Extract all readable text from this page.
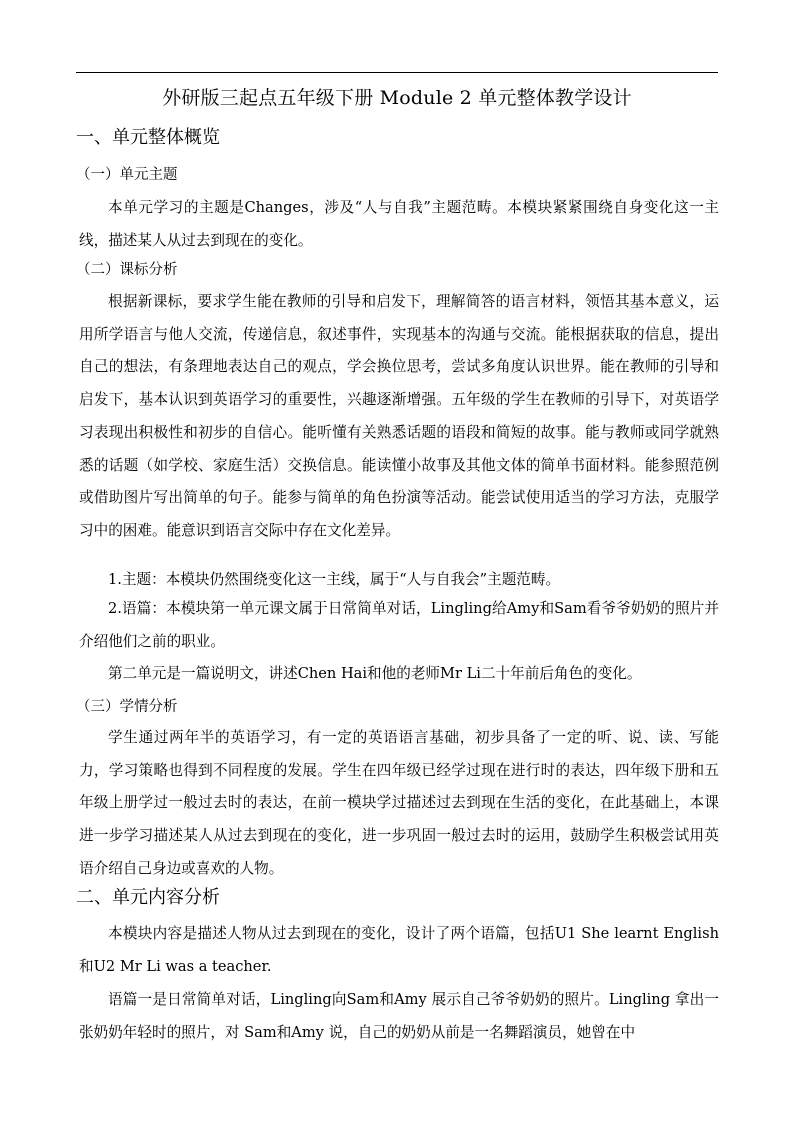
外研版三起点五年级下册 Module 2 单元整体教学设计
一、单元整体概览
（一）单元主题

本单元学习的主题是Changes，涉及“人与自我”主题范畴。本模块紧紧围绕自身变化这一主线，描述某人从过去到现在的变化。

（二）课标分析

根据新课标，要求学生能在教师的引导和启发下，理解简答的语言材料，领悟其基本意义，运用所学语言与他人交流，传递信息，叙述事件，实现基本的沟通与交流。能根据获取的信息，提出自己的想法，有条理地表达自己的观点，学会换位思考，尝试多角度认识世界。能在教师的引导和启发下，基本认识到英语学习的重要性，兴趣逐渐增强。五年级的学生在教师的引导下，对英语学习表现出积极性和初步的自信心。能听懂有关熟悉话题的语段和简短的故事。能与教师或同学就熟悉的话题（如学校、家庭生活）交换信息。能读懂小故事及其他文体的简单书面材料。能参照范例或借助图片写出简单的句子。能参与简单的角色扮演等活动。能尝试使用适当的学习方法，克服学习中的困难。能意识到语言交际中存在文化差异。

1.主题：本模块仍然围绕变化这一主线，属于“人与自我会”主题范畴。

2.语篇：本模块第一单元课文属于日常简单对话，Lingling给Amy和Sam看爷爷奶奶的照片并介绍他们之前的职业。

第二单元是一篇说明文，讲述Chen Hai和他的老师Mr Li二十年前后角色的变化。

（三）学情分析

学生通过两年半的英语学习，有一定的英语语言基础，初步具备了一定的听、说、读、写能力，学习策略也得到不同程度的发展。学生在四年级已经学过现在进行时的表达，四年级下册和五年级上册学过一般过去时的表达，在前一模块学过描述过去到现在生活的变化，在此基础上，本课进一步学习描述某人从过去到现在的变化，进一步巩固一般过去时的运用，鼓励学生积极尝试用英语介绍自己身边或喜欢的人物。

二、单元内容分析

本模块内容是描述人物从过去到现在的变化，设计了两个语篇，包括U1 She learnt English和U2 Mr Li was a teacher.

语篇一是日常简单对话，Lingling向Sam和Amy 展示自己爷爷奶奶的照片。Lingling 拿出一张奶奶年轻时的照片，对 Sam和Amy 说，自己的奶奶从前是一名舞蹈演员，她曾在中
